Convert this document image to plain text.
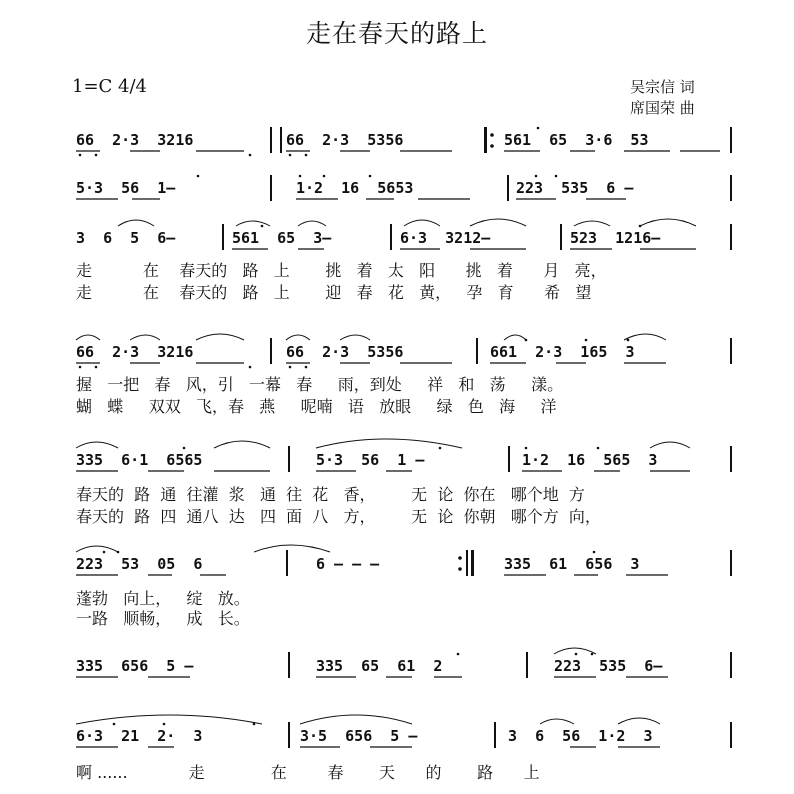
走在春天的路上
1=C 4/4	吴宗信 词
席国荣 曲
66  2·3  3216	66  2·3  5356	561  65  3·6  53
5·3  56  1—	1·2  16  5653	223  535  6 —
3  6  5  6—	561  65  3—	6·3  3212—	523  1216—
走          在    春天的   路   上       挑   着   太   阳      挑   着      月   亮，
走          在    春天的   路   上       迎   春   花   黄，   孕   育      希   望
66  2·3  3216	66  2·3  5356	661  2·3  165  3
握   一把   春   风，引   一幕   春     雨，到处     祥   和   荡     漾。
蝴   蝶     双双   飞，春   燕     呢喃   语   放眼     绿   色   海     洋
335  6·1  6565	5·3  56  1 —	1·2  16  565  3
春天的  路  通  往灌  浆   通  往  花   香，       无  论  你在   哪个地  方
春天的  路  四  通八  达   四  面  八   方，       无  论  你朝   哪个方  向，
223  53  05  6	6 — — —	335  61  656  3
蓬勃   向上，   绽   放。
一路   顺畅，   成   长。
335  656  5 —	335  65  61  2	223  535  6—
6·3  21  2·  3	3·5  656  5 —	3  6  56  1·2  3
啊 ......            走             在        春       天      的       路      上
